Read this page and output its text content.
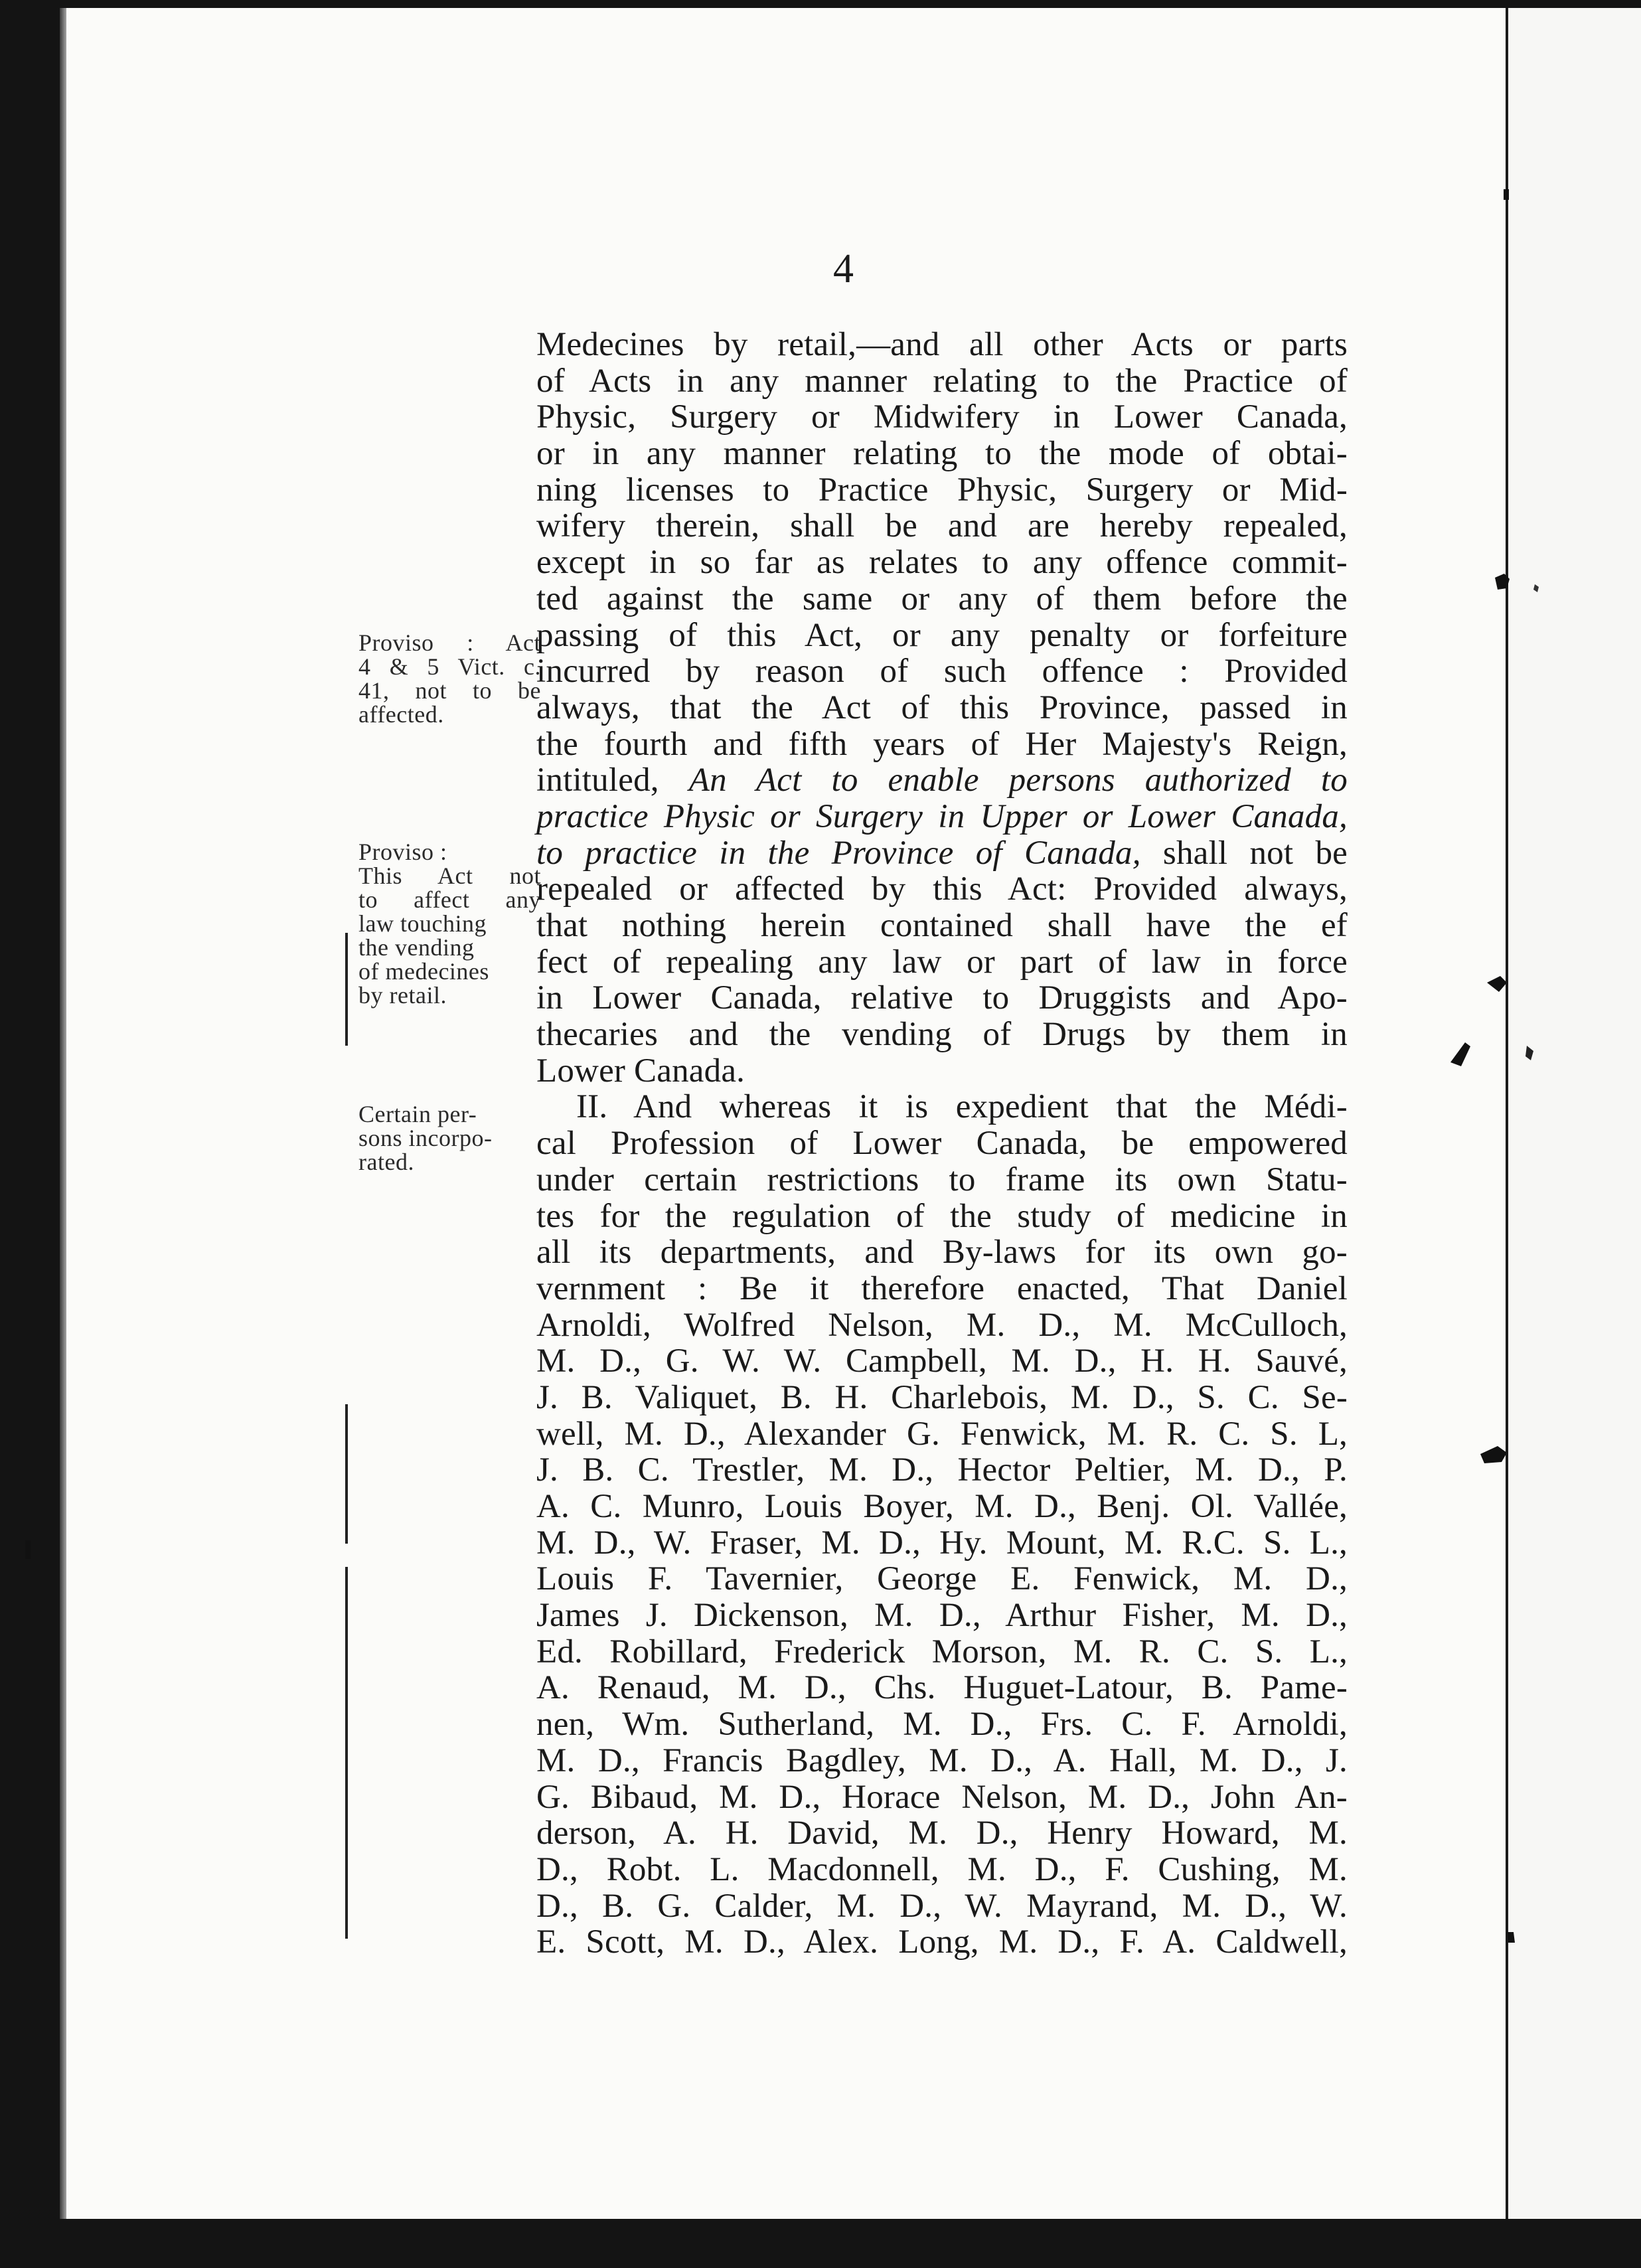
4
Proviso : Act
4 & 5 Vict. c.
41, not to be
affected.
Proviso :
This Act not
to affect any
law touching
the vending
of medecines
by retail.
Certain per-
sons incorpo-
rated.
Medecines by retail,—and all other Acts or parts
of Acts in any manner relating to the Practice of
Physic, Surgery or Midwifery in Lower Canada,
or in any manner relating to the mode of obtai-
ning licenses to Practice Physic, Surgery or Mid-
wifery therein, shall be and are hereby repealed,
except in so far as relates to any offence commit-
ted against the same or any of them before the
passing of this Act, or any penalty or forfeiture
incurred by reason of such offence : Provided
always, that the Act of this Province, passed in
the fourth and fifth years of Her Majesty's Reign,
intituled, An Act to enable persons authorized to
practice Physic or Surgery in Upper or Lower Canada,
to practice in the Province of Canada, shall not be
repealed or affected by this Act: Provided always,
that nothing herein contained shall have the ef
fect of repealing any law or part of law in force
in Lower Canada, relative to Druggists and Apo-
thecaries and the vending of Drugs by them in
Lower Canada.
II. And whereas it is expedient that the Médi-
cal Profession of Lower Canada, be empowered
under certain restrictions to frame its own Statu-
tes for the regulation of the study of medicine in
all its departments, and By-laws for its own go-
vernment : Be it therefore enacted, That Daniel
Arnoldi, Wolfred Nelson, M. D., M. McCulloch,
M. D., G. W. W. Campbell, M. D., H. H. Sauvé,
J. B. Valiquet, B. H. Charlebois, M. D., S. C. Se-
well, M. D., Alexander G. Fenwick, M. R. C. S. L,
J. B. C. Trestler, M. D., Hector Peltier, M. D., P.
A. C. Munro, Louis Boyer, M. D., Benj. Ol. Vallée,
M. D., W. Fraser, M. D., Hy. Mount, M. R.C. S. L.,
Louis F. Tavernier, George E. Fenwick, M. D.,
James J. Dickenson, M. D., Arthur Fisher, M. D.,
Ed. Robillard, Frederick Morson, M. R. C. S. L.,
A. Renaud, M. D., Chs. Huguet-Latour, B. Pame-
nen, Wm. Sutherland, M. D., Frs. C. F. Arnoldi,
M. D., Francis Bagdley, M. D., A. Hall, M. D., J.
G. Bibaud, M. D., Horace Nelson, M. D., John An-
derson, A. H. David, M. D., Henry Howard, M.
D., Robt. L. Macdonnell, M. D., F. Cushing, M.
D., B. G. Calder, M. D., W. Mayrand, M. D., W.
E. Scott, M. D., Alex. Long, M. D., F. A. Caldwell,
